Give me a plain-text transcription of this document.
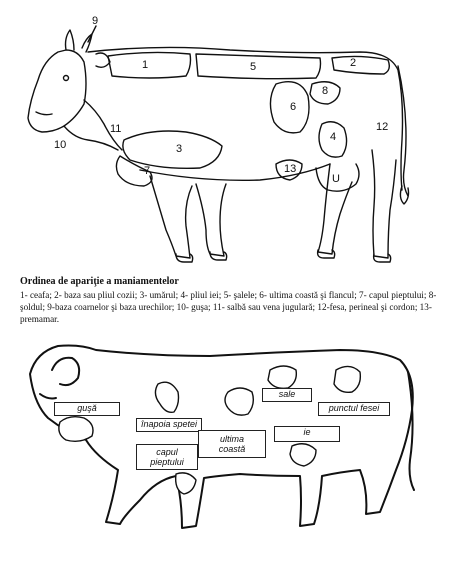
9
1	5	2
8
6
11
4
12
10	3
7	13
U
Ordinea de apariţie a maniamentelor
1- ceafa; 2- baza sau pliul cozii; 3- umărul; 4- pliul iei; 5- şalele; 6- ultima coastă şi flancul; 7- capul pieptului; 8- şoldul; 9-baza coarnelor şi baza urechilor; 10- guşa; 11- salbă sau vena jugulară; 12-fesa, perineal şi cordon; 13- premamar.
guşă
înapoia spetei
ultima
coastă
capul
pieptului
sale
punctul fesei
ie
